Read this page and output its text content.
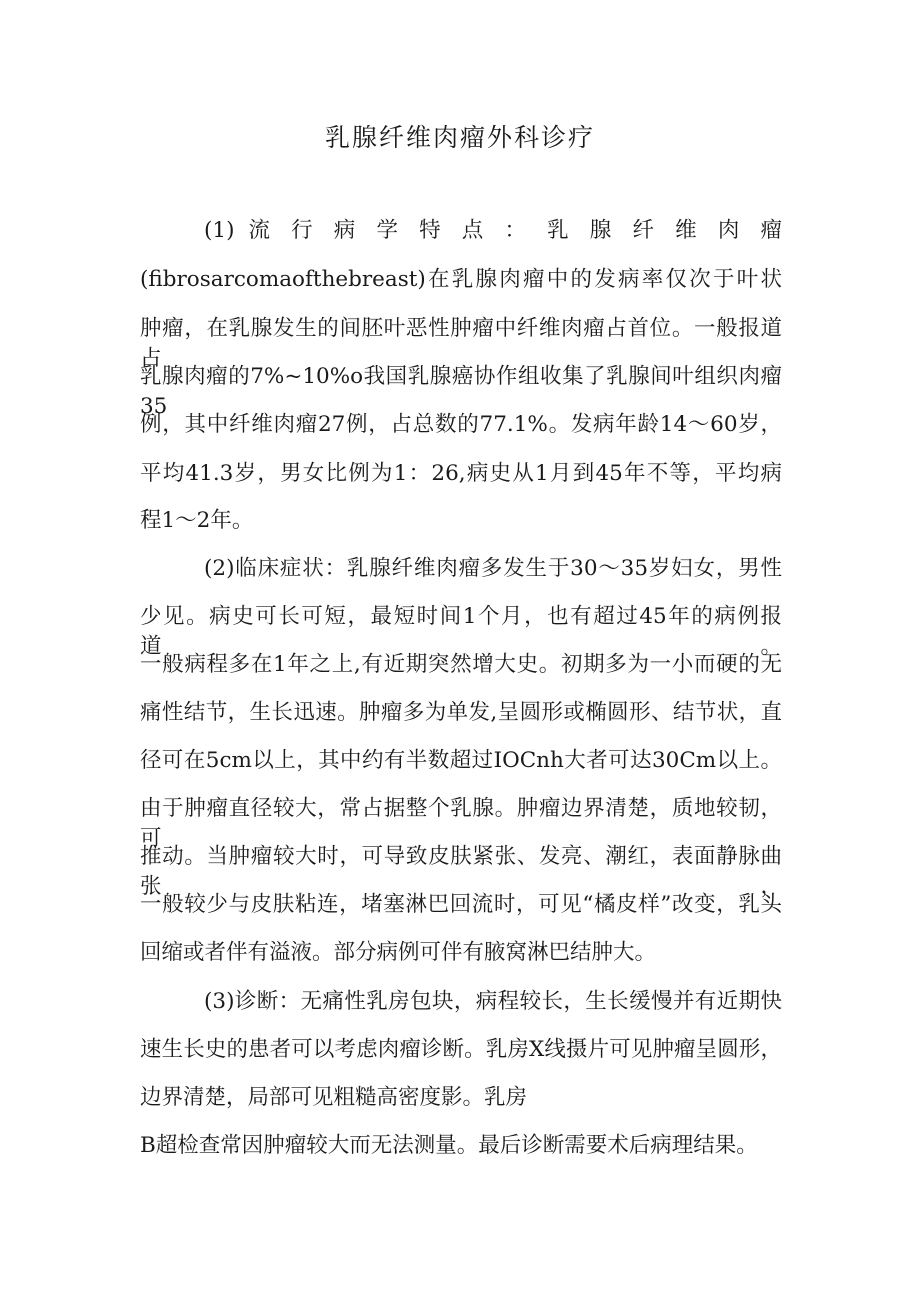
乳腺纤维肉瘤外科诊疗
(1) 流 行 病 学 特 点 ： 乳 腺 纤 维 肉 瘤
(fibrosarcomaofthebreast)在乳腺肉瘤中的发病率仅次于叶状
肿瘤，在乳腺发生的间胚叶恶性肿瘤中纤维肉瘤占首位。一般报道占
乳腺肉瘤的7%~10%o我国乳腺癌协作组收集了乳腺间叶组织肉瘤35
例，其中纤维肉瘤27例，占总数的77.1%。发病年龄14～60岁，
平均41.3岁，男女比例为1：26,病史从1月到45年不等，平均病
程1～2年。
(2)临床症状：乳腺纤维肉瘤多发生于30～35岁妇女，男性
少见。病史可长可短，最短时间1个月，也有超过45年的病例报道。
一般病程多在1年之上,有近期突然增大史。初期多为一小而硬的无
痛性结节，生长迅速。肿瘤多为单发,呈圆形或椭圆形、结节状，直
径可在5cm以上，其中约有半数超过IOCnh大者可达30Cm以上。
由于肿瘤直径较大，常占据整个乳腺。肿瘤边界清楚，质地较韧，可
推动。当肿瘤较大时，可导致皮肤紧张、发亮、潮红，表面静脉曲张，
一般较少与皮肤粘连，堵塞淋巴回流时，可见“橘皮样”改变，乳头
回缩或者伴有溢液。部分病例可伴有腋窝淋巴结肿大。
(3)诊断：无痛性乳房包块，病程较长，生长缓慢并有近期快
速生长史的患者可以考虑肉瘤诊断。乳房X线摄片可见肿瘤呈圆形，
边界清楚，局部可见粗糙高密度影。乳房
B超检查常因肿瘤较大而无法测量。最后诊断需要术后病理结果。
